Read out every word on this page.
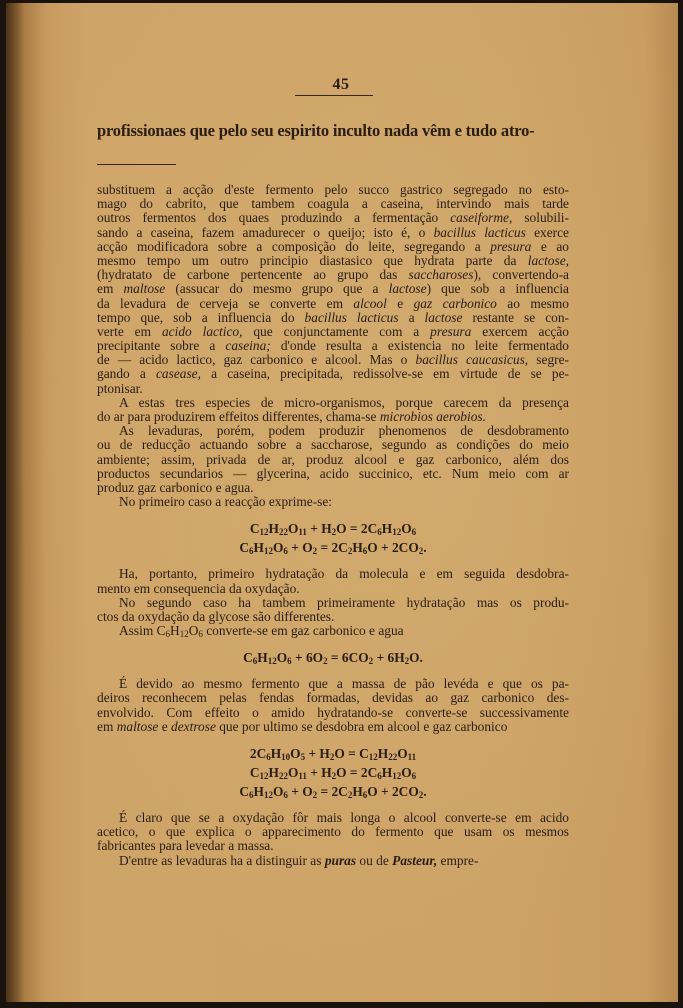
45
profissionaes que pelo seu espirito inculto nada vêm e tudo atro-
substituem a acção d'este fermento pelo succo gastrico segregado no esto-
mago do cabrito, que tambem coagula a caseina, intervindo mais tarde
outros fermentos dos quaes produzindo a fermentação caseiforme, solubili-
sando a caseina, fazem amadurecer o queijo; isto é, o bacillus lacticus exerce
acção modificadora sobre a composição do leite, segregando a presura e ao
mesmo tempo um outro principio diastasico que hydrata parte da lactose,
(hydratato de carbone pertencente ao grupo das saccharoses), convertendo-a
em maltose (assucar do mesmo grupo que a lactose) que sob a influencia
da levadura de cerveja se converte em alcool e gaz carbonico ao mesmo
tempo que, sob a influencia do bacillus lacticus a lactose restante se con-
verte em acido lactico, que conjunctamente com a presura exercem acção
precipitante sobre a caseina; d'onde resulta a existencia no leite fermentado
de — acido lactico, gaz carbonico e alcool. Mas o bacillus caucasicus, segre-
gando a casease, a caseina, precipitada, redissolve-se em virtude de se pe-
ptonisar.
A estas tres especies de micro-organismos, porque carecem da presença
do ar para produzirem effeitos differentes, chama-se microbios aerobios.
As levaduras, porém, podem produzir phenomenos de desdobramento
ou de reducção actuando sobre a saccharose, segundo as condições do meio
ambiente; assim, privada de ar, produz alcool e gaz carbonico, além dos
productos secundarios — glycerina, acido succinico, etc. Num meio com ar
produz gaz carbonico e agua.
No primeiro caso a reacção exprime-se:
$C_{12}H_{22}O_{11} + H_2O = 2C_6H_{12}O_6$
$C_6H_{12}O_6 + O_2 = 2C_2H_6O + 2CO_2$.
Ha, portanto, primeiro hydratação da molecula e em seguida desdobra-
mento em consequencia da oxydação.
No segundo caso ha tambem primeiramente hydratação mas os produ-
ctos da oxydação da glycose são differentes.
Assim $C_6H_{12}O_6$ converte-se em gaz carbonico e agua
$C_6H_{12}O_6 + 6O_2 = 6CO_2 + 6H_2O$.
É devido ao mesmo fermento que a massa de pão levéda e que os pa-
deiros reconhecem pelas fendas formadas, devidas ao gaz carbonico des-
envolvido. Com effeito o amido hydratando-se converte-se successivamente
em maltose e dextrose que por ultimo se desdobra em alcool e gaz carbonico
$2C_6H_{10}O_5 + H_2O = C_{12}H_{22}O_{11}$
$C_{12}H_{22}O_{11} + H_2O = 2C_6H_{12}O_6$
$C_6H_{12}O_6 + O_2 = 2C_2H_6O + 2CO_2$.
É claro que se a oxydação fôr mais longa o alcool converte-se em acido
acetico, o que explica o apparecimento do fermento que usam os mesmos
fabricantes para levedar a massa.
D'entre as levaduras ha a distinguir as puras ou de Pasteur, empre-
